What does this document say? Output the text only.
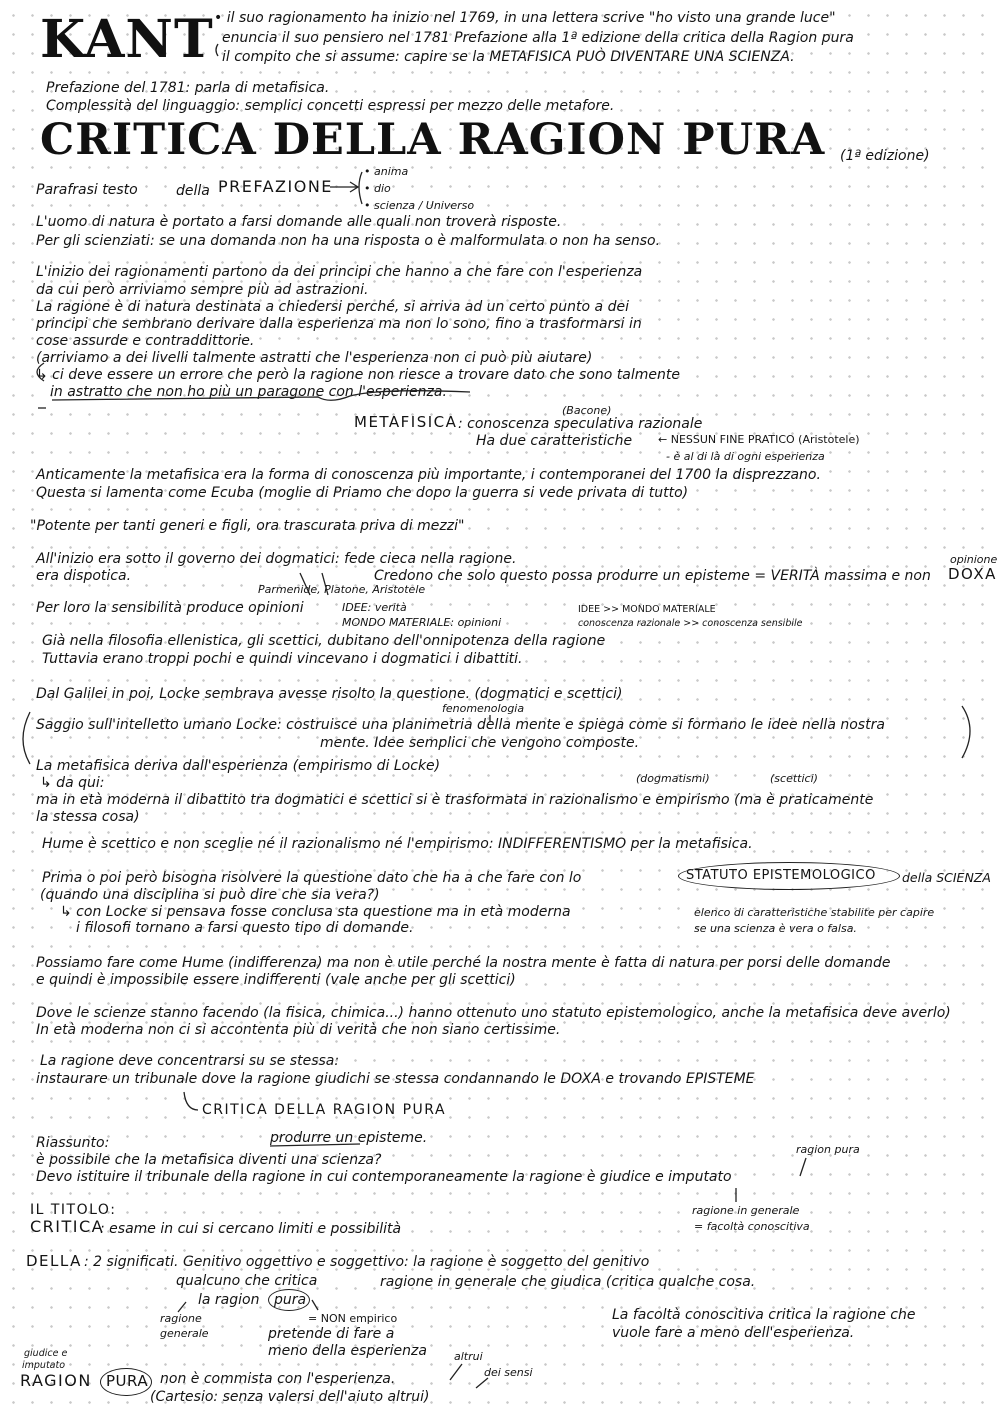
KANT • il suo ragionamento ha inizio nel 1769, in una lettera scrive "ho visto una grande luce"
enuncia il suo pensiero nel 1781 Prefazione alla 1ª edizione della critica della Ragion pura
il compito che si assume: capire se la METAFISICA PUÒ DIVENTARE UNA SCIENZA.
Prefazione del 1781: parla di metafisica.
Complessità del linguaggio: semplici concetti espressi per mezzo delle metafore.
CRITICA DELLA RAGION PURA (1ª edizione)
Parafrasi testo	della PREFAZIONE
• anima
• dio
• scienza / Universo
L'uomo di natura è portato a farsi domande alle quali non troverà risposte.
Per gli scienziati: se una domanda non ha una risposta o è malformulata o non ha senso.
L'inizio dei ragionamenti partono da dei principi che hanno a che fare con l'esperienza
da cui però arriviamo sempre più ad astrazioni.
La ragione è di natura destinata a chiedersi perché, si arriva ad un certo punto a dei
principi che sembrano derivare dalla esperienza ma non lo sono, fino a trasformarsi in
cose assurde e contraddittorie.
(arriviamo a dei livelli talmente astratti che l'esperienza non ci può più aiutare)
↳ ci deve essere un errore che però la ragione non riesce a trovare dato che sono talmente
in astratto che non ho più un paragone con l'esperienza.
(Bacone)
METAFISICA : conoscenza speculativa razionale
Ha due caratteristiche ← NESSUN FINE PRATICO (Aristotele)
- è al di là di ogni esperienza
Anticamente la metafisica era la forma di conoscenza più importante, i contemporanei del 1700 la disprezzano.
Questa si lamenta come Ecuba (moglie di Priamo che dopo la guerra si vede privata di tutto)
"Potente per tanti generi e figli, ora trascurata priva di mezzi"
All'inizio era sotto il governo dei dogmatici: fede cieca nella ragione.	opinione
era dispotica.	Credono che solo questo possa produrre un episteme = VERITÀ massima e non DOXA
Parmenide, Platone, Aristotele
Per loro la sensibilità produce opinioni	IDEE: verità
MONDO MATERIALE: opinioni
IDEE >> MONDO MATERIALE
conoscenza razionale >> conoscenza sensibile
Già nella filosofia ellenistica, gli scettici, dubitano dell'onnipotenza della ragione
Tuttavia erano troppi pochi e quindi vincevano i dogmatici i dibattiti.
Dal Galilei in poi, Locke sembrava avesse risolto la questione. (dogmatici e scettici)
fenomenologia
Saggio sull'intelletto umano Locke: costruisce una planimetria della mente e spiega come si formano le idee nella nostra
mente. Idee semplici che vengono composte.
La metafisica deriva dall'esperienza (empirismo di Locke)
↳ da qui:	(dogmatismi)	(scettici)
ma in età moderna il dibattito tra dogmatici e scettici si è trasformata in razionalismo e empirismo (ma è praticamente
la stessa cosa)
Hume è scettico e non sceglie né il razionalismo né l'empirismo: INDIFFERENTISMO per la metafisica.
Prima o poi però bisogna risolvere la questione dato che ha a che fare con lo	STATUTO EPISTEMOLOGICO della SCIENZA
(quando una disciplina si può dire che sia vera?)
↳ con Locke si pensava fosse conclusa sta questione ma in età moderna
i filosofi tornano a farsi questo tipo di domande.
elenco di caratteristiche stabilite per capire
se una scienza è vera o falsa.
Possiamo fare come Hume (indifferenza) ma non è utile perché la nostra mente è fatta di natura per porsi delle domande
e quindi è impossibile essere indifferenti (vale anche per gli scettici)
Dove le scienze stanno facendo (la fisica, chimica...) hanno ottenuto uno statuto epistemologico, anche la metafisica deve averlo)
In età moderna non ci si accontenta più di verità che non siano certissime.
La ragione deve concentrarsi su se stessa:
instaurare un tribunale dove la ragione giudichi se stessa condannando le DOXA e trovando EPISTEME
CRITICA DELLA RAGION PURA
produrre un episteme.
Riassunto:	ragion pura
è possibile che la metafisica diventi una scienza?
Devo istituire il tribunale della ragione in cui contemporaneamente la ragione è giudice e imputato
ragione in generale
= facoltà conoscitiva
IL TITOLO:
CRITICA
: esame in cui si cercano limiti e possibilità
DELLA : 2 significati. Genitivo oggettivo e soggettivo: la ragione è soggetto del genitivo
qualcuno che critica	ragione in generale che giudica (critica qualche cosa.
la ragion pura
= NON empirico
ragione
generale	pretende di fare a
meno della esperienza
La facoltà conoscitiva critica la ragione che
vuole fare a meno dell'esperienza.
giudice e
imputato
RAGION PURA
altrui
dei sensi
non è commista con l'esperienza.
(Cartesio: senza valersi dell'aiuto altrui)
